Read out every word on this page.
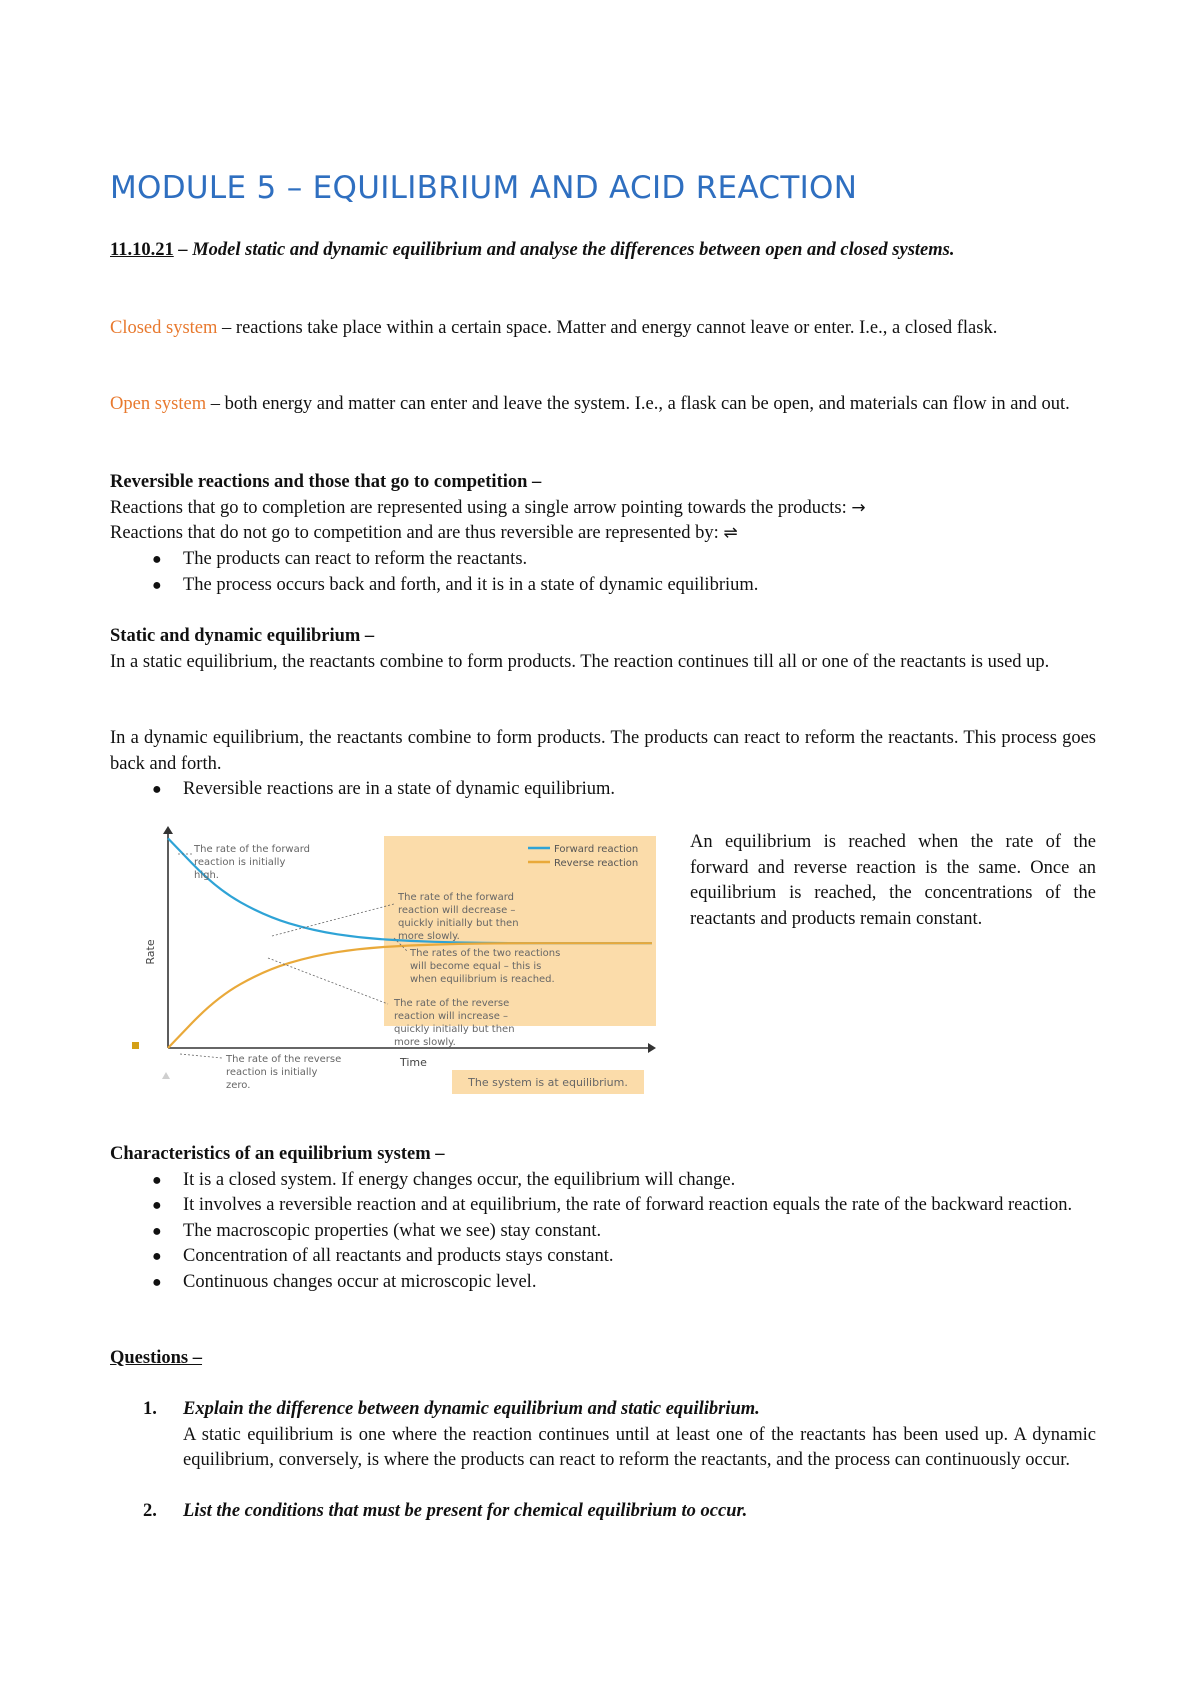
MODULE 5 – EQUILIBRIUM AND ACID REACTION

11.10.21 – Model static and dynamic equilibrium and analyse the differences between open and closed systems.

Closed system – reactions take place within a certain space. Matter and energy cannot leave or enter. I.e., a closed flask.

Open system – both energy and matter can enter and leave the system. I.e., a flask can be open, and materials can flow in and out.

Reversible reactions and those that go to competition –

Reactions that go to completion are represented using a single arrow pointing towards the products: →

Reactions that do not go to competition and are thus reversible are represented by: ⇌

● The products can react to reform the reactants.
● The process occurs back and forth, and it is in a state of dynamic equilibrium.

Static and dynamic equilibrium –

In a static equilibrium, the reactants combine to form products. The reaction continues till all or one of the reactants is used up.

In a dynamic equilibrium, the reactants combine to form products. The products can react to reform the reactants. This process goes back and forth.

● Reversible reactions are in a state of dynamic equilibrium.
Rate
Time
Forward reaction
Reverse reaction
The rate of the forward reaction is initially high.
The rate of the forward reaction will decrease – quickly initially but then more slowly.
The rates of the two reactions will become equal – this is when equilibrium is reached.
The rate of the reverse reaction will increase – quickly initially but then more slowly.
The rate of the reverse reaction is initially zero.	The system is at equilibrium.

An equilibrium is reached when the rate of the forward and reverse reaction is the same. Once an equilibrium is reached, the concentrations of the reactants and products remain constant.

Characteristics of an equilibrium system –

● It is a closed system. If energy changes occur, the equilibrium will change.
● It involves a reversible reaction and at equilibrium, the rate of forward reaction equals the rate of the backward reaction.
● The macroscopic properties (what we see) stay constant.
● Concentration of all reactants and products stays constant.
● Continuous changes occur at microscopic level.

Questions –

1. Explain the difference between dynamic equilibrium and static equilibrium.
A static equilibrium is one where the reaction continues until at least one of the reactants has been used up. A dynamic equilibrium, conversely, is where the products can react to reform the reactants, and the process can continuously occur.
2. List the conditions that must be present for chemical equilibrium to occur.
